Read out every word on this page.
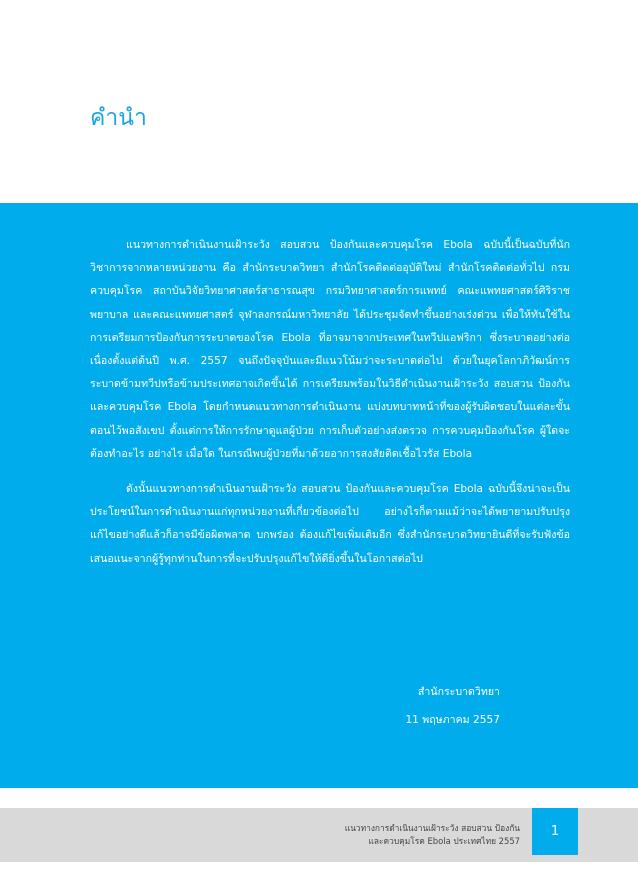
คำนำ

แนวทางการดำเนินงานเฝ้าระวัง สอบสวน ป้องกันและควบคุมโรค Ebola ฉบับนี้เป็นฉบับที่นักวิชาการจากหลายหน่วยงาน คือ สำนักระบาดวิทยา สำนักโรคติดต่ออุบัติใหม่ สำนักโรคติดต่อทั่วไป กรมควบคุมโรค สถาบันวิจัยวิทยาศาสตร์สาธารณสุข กรมวิทยาศาสตร์การแพทย์ คณะแพทยศาสตร์ศิริราชพยาบาล และคณะแพทยศาสตร์ จุฬาลงกรณ์มหาวิทยาลัย ได้ประชุมจัดทำขึ้นอย่างเร่งด่วน เพื่อให้ทันใช้ในการเตรียมการป้องกันการระบาดของโรค Ebola ที่อาจมาจากประเทศในทวีปแอฟริกา ซึ่งระบาดอย่างต่อเนื่องตั้งแต่ต้นปี พ.ศ. 2557 จนถึงปัจจุบันและมีแนวโน้มว่าจะระบาดต่อไป ด้วยในยุคโลกาภิวัฒน์การระบาดข้ามทวีปหรือข้ามประเทศอาจเกิดขึ้นได้ การเตรียมพร้อมในวิธีดำเนินงานเฝ้าระวัง สอบสวน ป้องกันและควบคุมโรค Ebola โดยกำหนดแนวทางการดำเนินงาน แบ่งบทบาทหน้าที่ของผู้รับผิดชอบในแต่ละขั้นตอนไว้พอสังเขป ตั้งแต่การให้การรักษาดูแลผู้ป่วย การเก็บตัวอย่างส่งตรวจ การควบคุมป้องกันโรค ผู้ใดจะต้องทำอะไร อย่างไร เมื่อใด ในกรณีพบผู้ป่วยที่มาด้วยอาการสงสัยติดเชื้อไวรัส Ebola

ดังนั้นแนวทางการดำเนินงานเฝ้าระวัง สอบสวน ป้องกันและควบคุมโรค Ebola ฉบับนี้จึงน่าจะเป็นประโยชน์ในการดำเนินงานแก่ทุกหน่วยงานที่เกี่ยวข้องต่อไป อย่างไรก็ตามแม้ว่าจะได้พยายามปรับปรุงแก้ไขอย่างดีแล้วก็อาจมีข้อผิดพลาด บกพร่อง ต้องแก้ไขเพิ่มเติมอีก ซึ่งสำนักระบาดวิทยายินดีที่จะรับฟังข้อเสนอแนะจากผู้รู้ทุกท่านในการที่จะปรับปรุงแก้ไขให้ดียิ่งขึ้นในโอกาสต่อไป

สำนักระบาดวิทยา
11 พฤษภาคม 2557
แนวทางการดำเนินงานเฝ้าระวัง สอบสวน ป้องกัน
และควบคุมโรค Ebola ประเทศไทย 2557
1
